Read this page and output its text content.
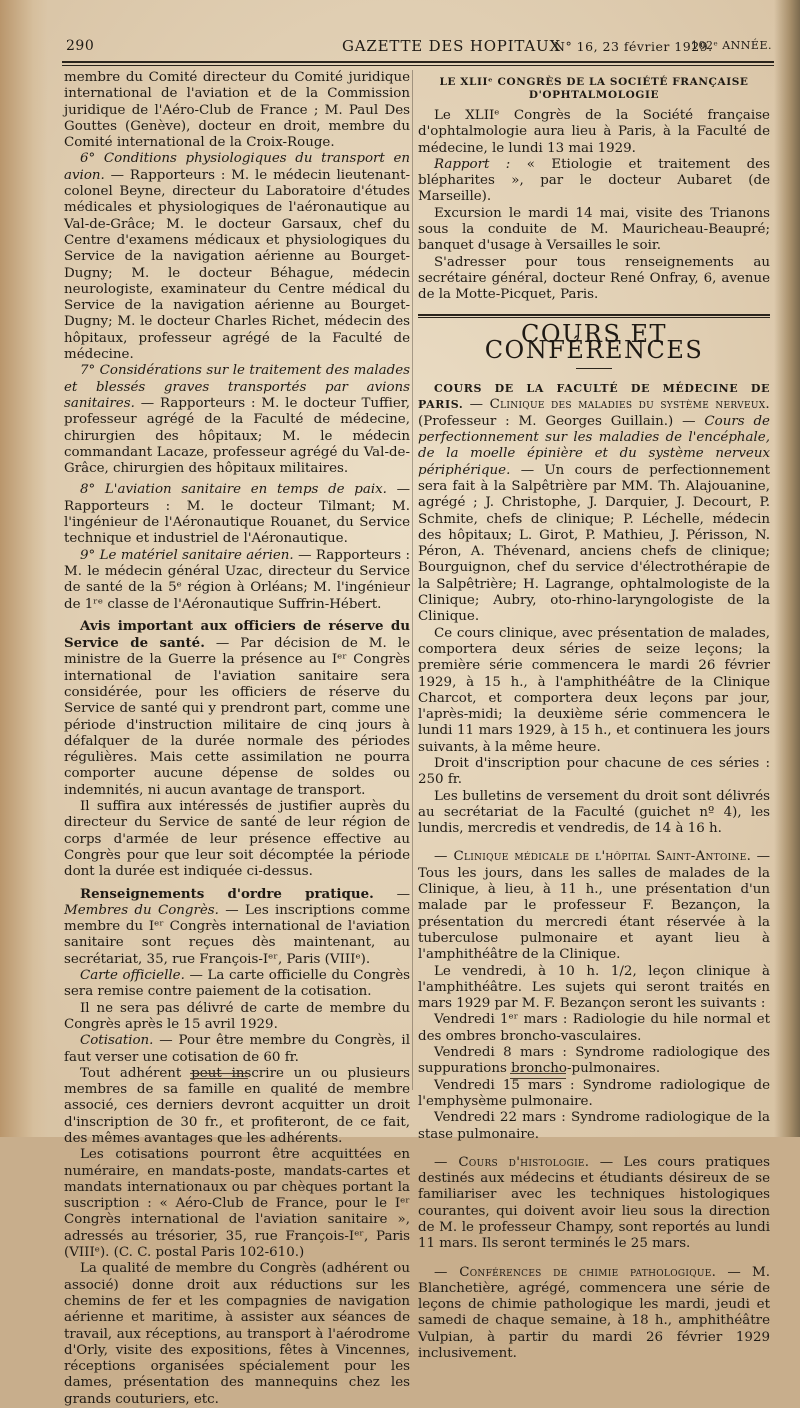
290	GAZETTE DES HOPITAUX
N° 16, 23 février 1929.
102ᵉ ANNÉE.

membre du Comité directeur du Comité juridique international de l'aviation et de la Commission juridique de l'Aéro-Club de France ; M. Paul Des Gouttes (Genève), docteur en droit, membre du Comité international de la Croix-Rouge.

6° Conditions physiologiques du transport en avion. — Rapporteurs : M. le médecin lieutenant-colonel Beyne, directeur du Laboratoire d'études médicales et physiologiques de l'aéronautique au Val-de-Grâce; M. le docteur Garsaux, chef du Centre d'examens médicaux et physiologiques du Service de la navigation aérienne au Bourget-Dugny; M. le docteur Béhague, médecin neurologiste, examinateur du Centre médical du Service de la navigation aérienne au Bourget-Dugny; M. le docteur Charles Richet, médecin des hôpitaux, professeur agrégé de la Faculté de médecine.

7° Considérations sur le traitement des malades et blessés graves transportés par avions sanitaires. — Rapporteurs : M. le docteur Tuffier, professeur agrégé de la Faculté de médecine, chirurgien des hôpitaux; M. le médecin commandant Lacaze, professeur agrégé du Val-de-Grâce, chirurgien des hôpitaux militaires.

8° L'aviation sanitaire en temps de paix. — Rapporteurs : M. le docteur Tilmant; M. l'ingénieur de l'Aéronautique Rouanet, du Service technique et industriel de l'Aéronautique.

9° Le matériel sanitaire aérien. — Rapporteurs : M. le médecin général Uzac, directeur du Service de santé de la 5ᵉ région à Orléans; M. l'ingénieur de 1ʳᵉ classe de l'Aéronautique Suffrin-Hébert.

Avis important aux officiers de réserve du Service de santé. — Par décision de M. le ministre de la Guerre la présence au Iᵉʳ Congrès international de l'aviation sanitaire sera considérée, pour les officiers de réserve du Service de santé qui y prendront part, comme une période d'instruction militaire de cinq jours à défalquer de la durée normale des périodes régulières. Mais cette assimilation ne pourra comporter aucune dépense de soldes ou indemnités, ni aucun avantage de transport.

Il suffira aux intéressés de justifier auprès du directeur du Service de santé de leur région de corps d'armée de leur présence effective au Congrès pour que leur soit décomptée la période dont la durée est indiquée ci-dessus.

Renseignements d'ordre pratique. — Membres du Congrès. — Les inscriptions comme membre du Iᵉʳ Congrès international de l'aviation sanitaire sont reçues dès maintenant, au secrétariat, 35, rue François-Iᵉʳ, Paris (VIIIᵉ).

Carte officielle. — La carte officielle du Congrès sera remise contre paiement de la cotisation.

Il ne sera pas délivré de carte de membre du Congrès après le 15 avril 1929.

Cotisation. — Pour être membre du Congrès, il faut verser une cotisation de 60 fr.

Tout adhérent peut inscrire un ou plusieurs membres de sa famille en qualité de membre associé, ces derniers devront acquitter un droit d'inscription de 30 fr., et profiteront, de ce fait, des mêmes avantages que les adhérents.

Les cotisations pourront être acquittées en numéraire, en mandats-poste, mandats-cartes et mandats internationaux ou par chèques portant la suscription : « Aéro-Club de France, pour le Iᵉʳ Congrès international de l'aviation sanitaire », adressés au trésorier, 35, rue François-Iᵉʳ, Paris (VIIIᵉ). (C. C. postal Paris 102-610.)

La qualité de membre du Congrès (adhérent ou associé) donne droit aux réductions sur les chemins de fer et les compagnies de navigation aérienne et maritime, à assister aux séances de travail, aux réceptions, au transport à l'aérodrome d'Orly, visite des expositions, fêtes à Vincennes, réceptions organisées spécialement pour les dames, présentation des mannequins chez les grands couturiers, etc.

LE XLIIᵉ CONGRÈS DE LA SOCIÉTÉ FRANÇAISE D'OPHTALMOLOGIE

Le XLIIᵉ Congrès de la Société française d'ophtalmologie aura lieu à Paris, à la Faculté de médecine, le lundi 13 mai 1929.

Rapport : « Etiologie et traitement des blépharites », par le docteur Aubaret (de Marseille).

Excursion le mardi 14 mai, visite des Trianons sous la conduite de M. Mauricheau-Beaupré; banquet d'usage à Versailles le soir.

S'adresser pour tous renseignements au secrétaire général, docteur René Onfray, 6, avenue de la Motte-Picquet, Paris.

COURS ET CONFÉRENCES

COURS DE LA FACULTÉ DE MÉDECINE DE PARIS. — Clinique des maladies du système nerveux. (Professeur : M. Georges Guillain.) — Cours de perfectionnement sur les maladies de l'encéphale, de la moelle épinière et du système nerveux périphérique. — Un cours de perfectionnement sera fait à la Salpêtrière par MM. Th. Alajouanine, agrégé ; J. Christophe, J. Darquier, J. Decourt, P. Schmite, chefs de clinique; P. Léchelle, médecin des hôpitaux; L. Girot, P. Mathieu, J. Périsson, N. Péron, A. Thévenard, anciens chefs de clinique; Bourguignon, chef du service d'électrothérapie de la Salpêtrière; H. Lagrange, ophtalmologiste de la Clinique; Aubry, oto-rhino-laryngologiste de la Clinique.

Ce cours clinique, avec présentation de malades, comportera deux séries de seize leçons; la première série commencera le mardi 26 février 1929, à 15 h., à l'amphithéâtre de la Clinique Charcot, et comportera deux leçons par jour, l'après-midi; la deuxième série commencera le lundi 11 mars 1929, à 15 h., et continuera les jours suivants, à la même heure.

Droit d'inscription pour chacune de ces séries : 250 fr.

Les bulletins de versement du droit sont délivrés au secrétariat de la Faculté (guichet nº 4), les lundis, mercredis et vendredis, de 14 à 16 h.

— Clinique médicale de l'hôpital Saint-Antoine. — Tous les jours, dans les salles de malades de la Clinique, à lieu, à 11 h., une présentation d'un malade par le professeur F. Bezançon, la présentation du mercredi étant réservée à la tuberculose pulmonaire et ayant lieu à l'amphithéâtre de la Clinique.

Le vendredi, à 10 h. 1/2, leçon clinique à l'amphithéâtre. Les sujets qui seront traités en mars 1929 par M. F. Bezançon seront les suivants :

Vendredi 1ᵉʳ mars : Radiologie du hile normal et des ombres broncho-vasculaires.

Vendredi 8 mars : Syndrome radiologique des suppurations broncho-pulmonaires.

Vendredi 15 mars : Syndrome radiologique de l'emphysème pulmonaire.

Vendredi 22 mars : Syndrome radiologique de la stase pulmonaire.

— Cours d'histologie. — Les cours pratiques destinés aux médecins et étudiants désireux de se familiariser avec les techniques histologiques courantes, qui doivent avoir lieu sous la direction de M. le professeur Champy, sont reportés au lundi 11 mars. Ils seront terminés le 25 mars.

— Conférences de chimie pathologique. — M. Blanchetière, agrégé, commencera une série de leçons de chimie pathologique les mardi, jeudi et samedi de chaque semaine, à 18 h., amphithéâtre Vulpian, à partir du mardi 26 février 1929 inclusivement.
